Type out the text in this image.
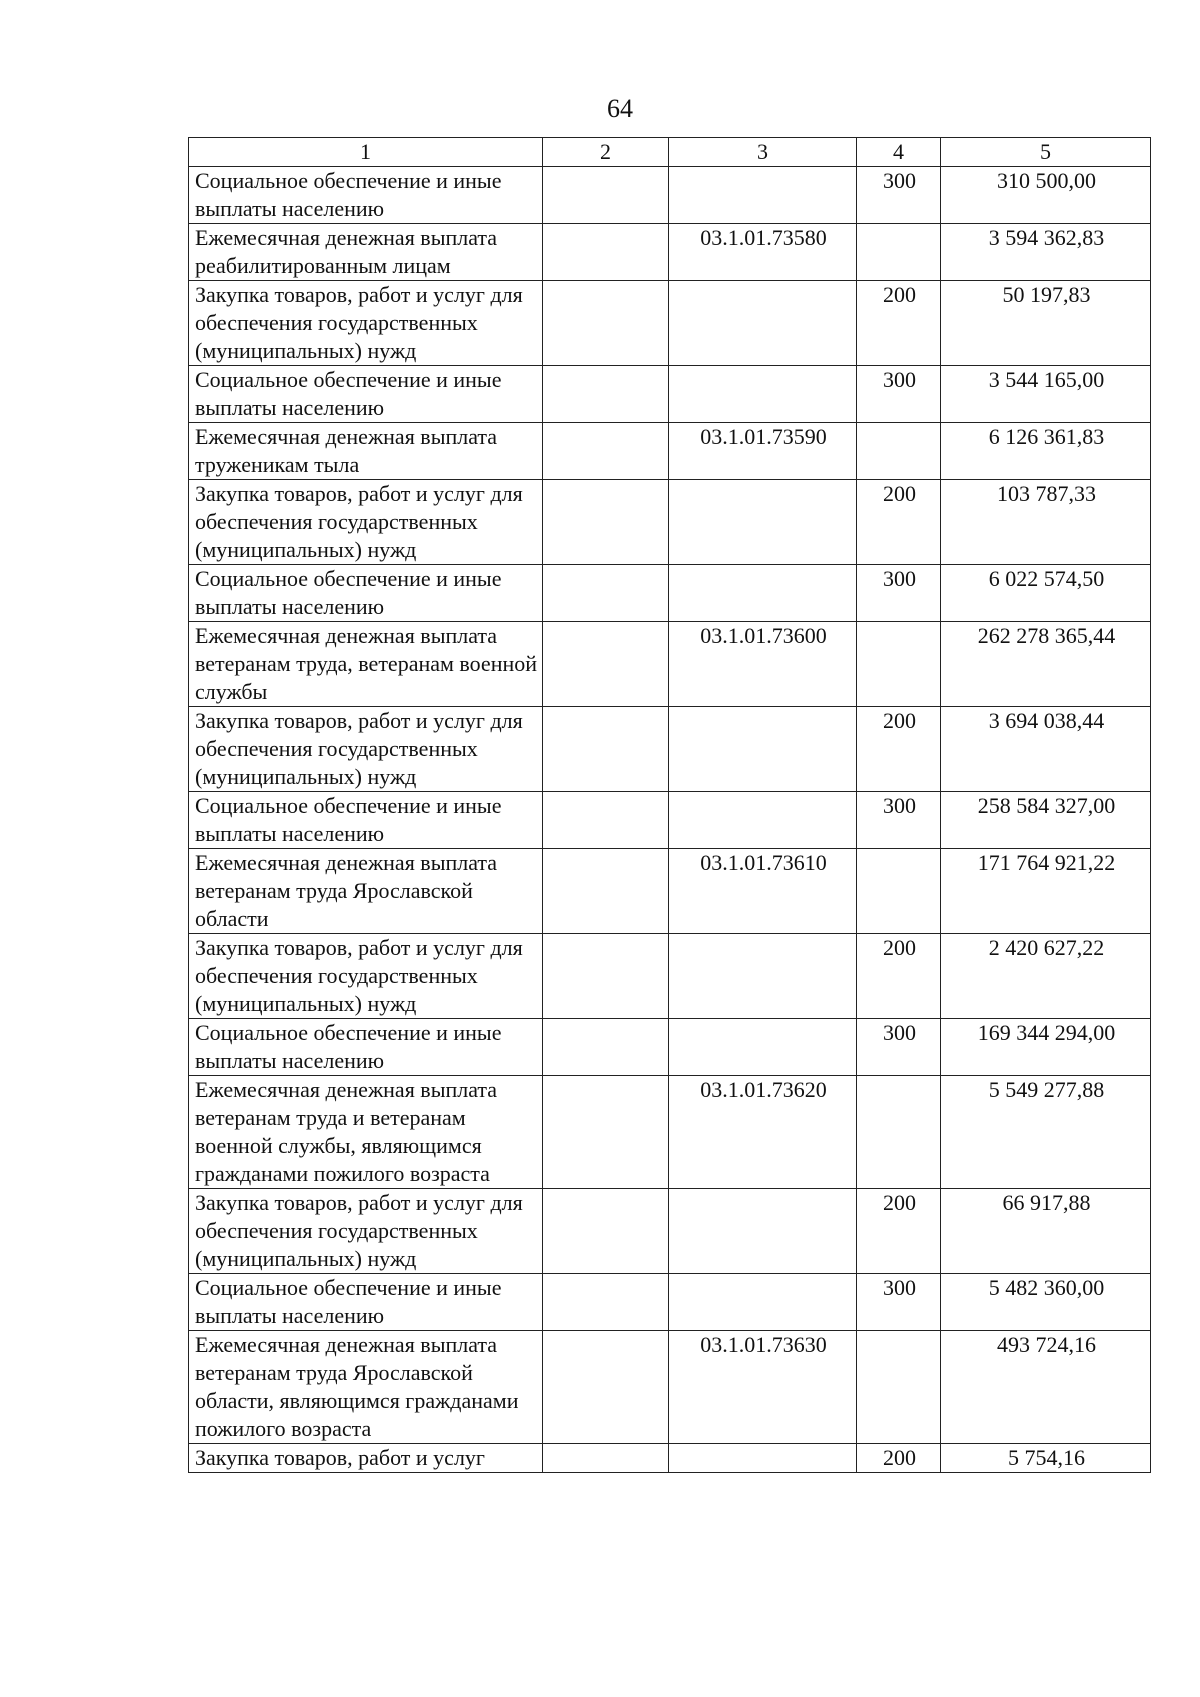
64
1	2	3	4	5
Социальное обеспечение и иные выплаты населению			300	310 500,00
Ежемесячная денежная выплата реабилитированным лицам		03.1.01.73580		3 594 362,83
Закупка товаров, работ и услуг для обеспечения государственных (муниципальных) нужд			200	50 197,83
Социальное обеспечение и иные выплаты населению			300	3 544 165,00
Ежемесячная денежная выплата труженикам тыла		03.1.01.73590		6 126 361,83
Закупка товаров, работ и услуг для обеспечения государственных (муниципальных) нужд			200	103 787,33
Социальное обеспечение и иные выплаты населению			300	6 022 574,50
Ежемесячная денежная выплата ветеранам труда, ветеранам военной службы		03.1.01.73600		262 278 365,44
Закупка товаров, работ и услуг для обеспечения государственных (муниципальных) нужд			200	3 694 038,44
Социальное обеспечение и иные выплаты населению			300	258 584 327,00
Ежемесячная денежная выплата ветеранам труда Ярославской области		03.1.01.73610		171 764 921,22
Закупка товаров, работ и услуг для обеспечения государственных (муниципальных) нужд			200	2 420 627,22
Социальное обеспечение и иные выплаты населению			300	169 344 294,00
Ежемесячная денежная выплата ветеранам труда и ветеранам военной службы, являющимся гражданами пожилого возраста		03.1.01.73620		5 549 277,88
Закупка товаров, работ и услуг для обеспечения государственных (муниципальных) нужд			200	66 917,88
Социальное обеспечение и иные выплаты населению			300	5 482 360,00
Ежемесячная денежная выплата ветеранам труда Ярославской области, являющимся гражданами пожилого возраста		03.1.01.73630		493 724,16
Закупка товаров, работ и услуг			200	5 754,16
